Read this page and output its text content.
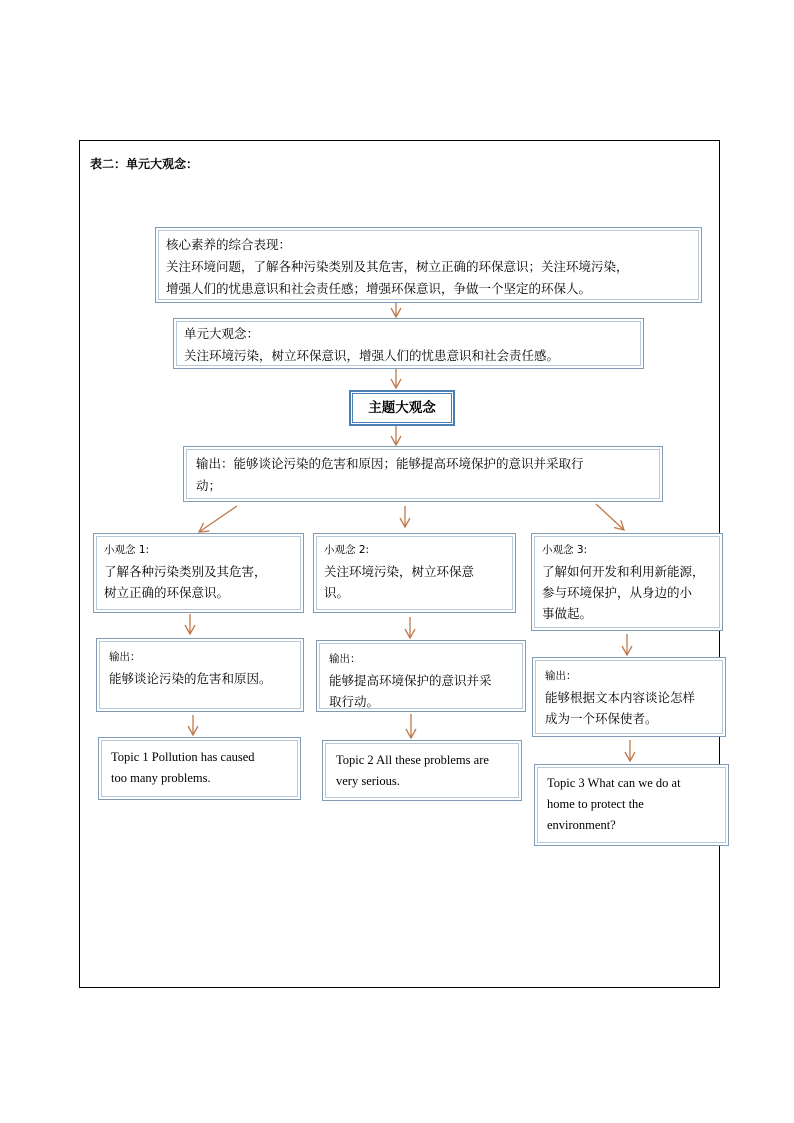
表二：单元大观念：
核心素养的综合表现：
关注环境问题，了解各种污染类别及其危害，树立正确的环保意识；关注环境污染，
增强人们的忧患意识和社会责任感；增强环保意识，争做一个坚定的环保人。
单元大观念：
关注环境污染，树立环保意识，增强人们的忧患意识和社会责任感。
主题大观念
输出：能够谈论污染的危害和原因；能够提高环境保护的意识并采取行
动；
小观念 1:
了解各种污染类别及其危害，
树立正确的环保意识。
输出：
能够谈论污染的危害和原因。
Topic 1 Pollution has caused
too many problems.
小观念 2:
关注环境污染，树立环保意
识。
输出：
能够提高环境保护的意识并采
取行动。
Topic 2 All these problems are
very serious.
小观念 3:
了解如何开发和利用新能源，
参与环境保护，从身边的小
事做起。
输出：
能够根据文本内容谈论怎样
成为一个环保使者。
Topic 3 What can we do at
home to protect the
environment?
